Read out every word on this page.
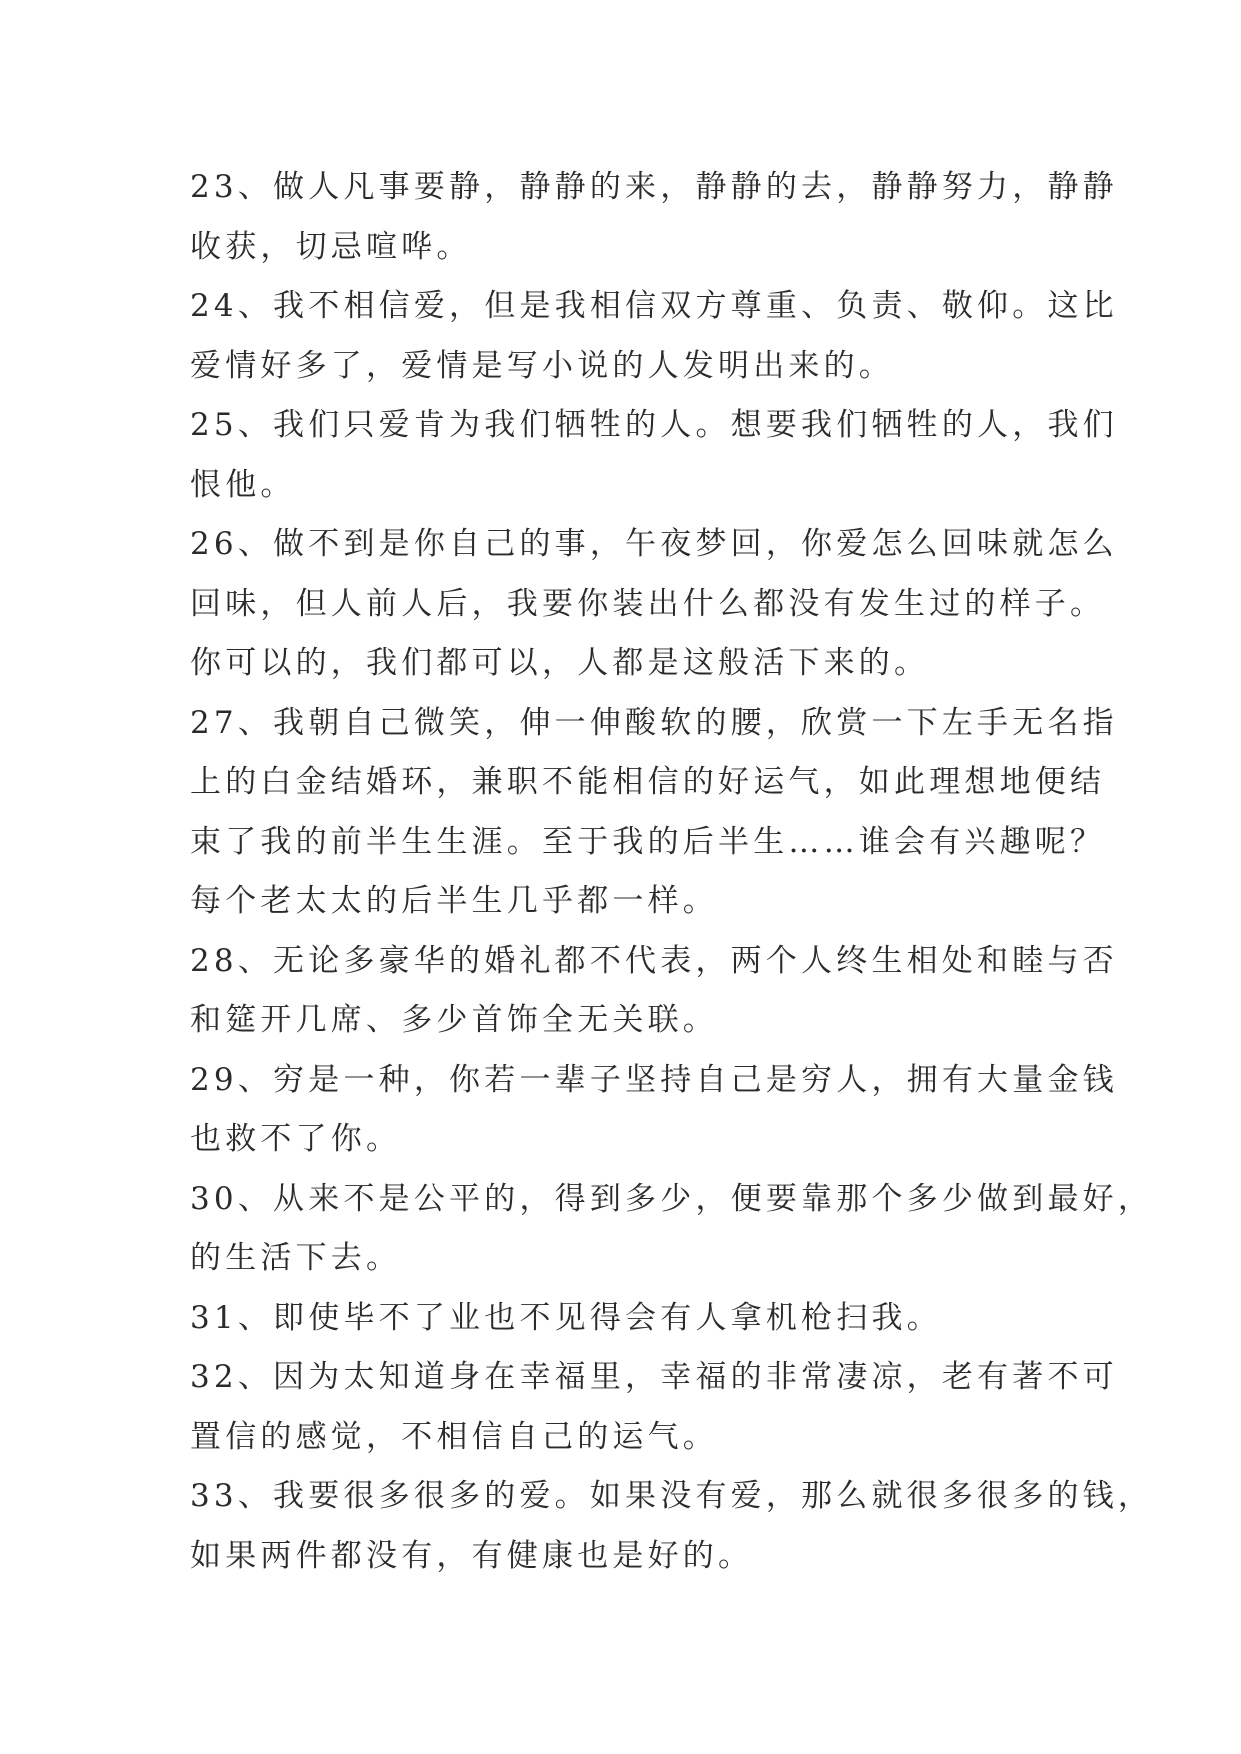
23、做人凡事要静，静静的来，静静的去，静静努力，静静
收获，切忌喧哗。

24、我不相信爱，但是我相信双方尊重、负责、敬仰。这比
爱情好多了，爱情是写小说的人发明出来的。

25、我们只爱肯为我们牺牲的人。想要我们牺牲的人，我们
恨他。

26、做不到是你自己的事，午夜梦回，你爱怎么回味就怎么
回味，但人前人后，我要你装出什么都没有发生过的样子。
你可以的，我们都可以，人都是这般活下来的。

27、我朝自己微笑，伸一伸酸软的腰，欣赏一下左手无名指
上的白金结婚环，兼职不能相信的好运气，如此理想地便结
束了我的前半生生涯。至于我的后半生……谁会有兴趣呢？
每个老太太的后半生几乎都一样。

28、无论多豪华的婚礼都不代表，两个人终生相处和睦与否
和筵开几席、多少首饰全无关联。

29、穷是一种，你若一辈子坚持自己是穷人，拥有大量金钱
也救不了你。

30、从来不是公平的，得到多少，便要靠那个多少做到最好，
的生活下去。

31、即使毕不了业也不见得会有人拿机枪扫我。

32、因为太知道身在幸福里，幸福的非常凄凉，老有著不可
置信的感觉，不相信自己的运气。

33、我要很多很多的爱。如果没有爱，那么就很多很多的钱，
如果两件都没有，有健康也是好的。
